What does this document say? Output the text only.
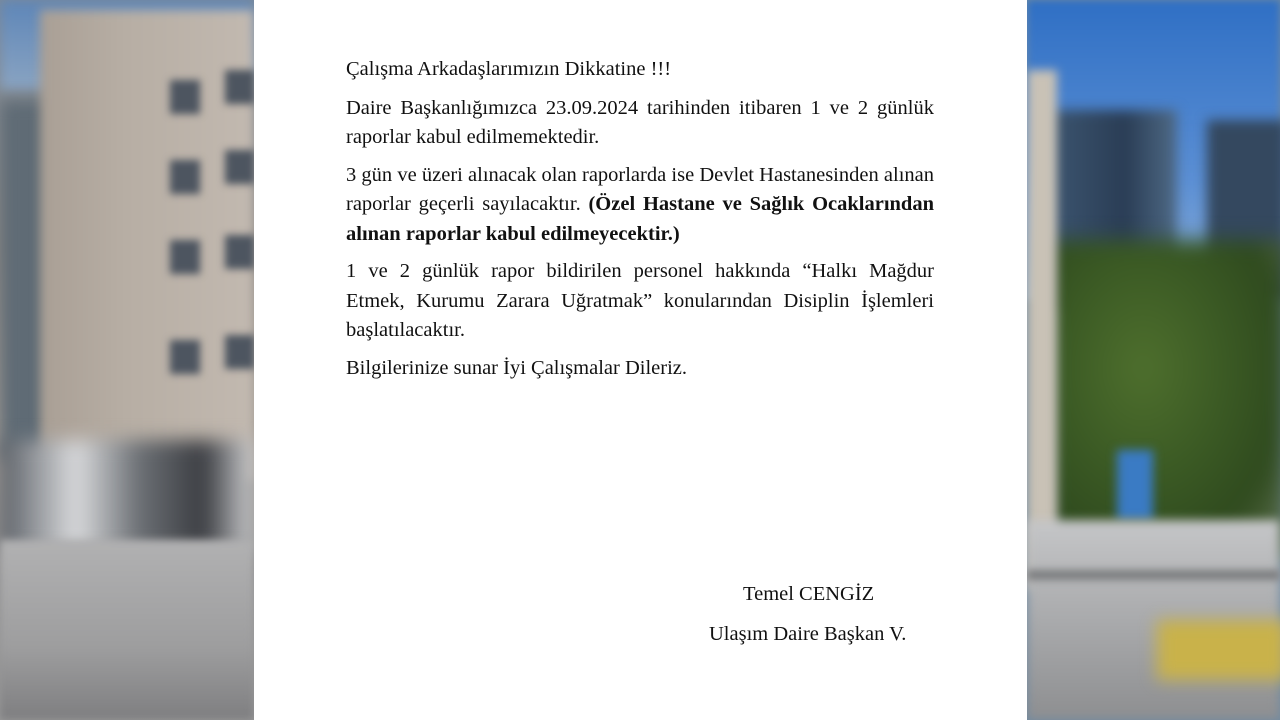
Çalışma Arkadaşlarımızın Dikkatine !!!

Daire Başkanlığımızca 23.09.2024 tarihinden itibaren 1 ve 2 günlük raporlar kabul edilmemektedir.

3 gün ve üzeri alınacak olan raporlarda ise Devlet Hastanesinden alınan raporlar geçerli sayılacaktır. (Özel Hastane ve Sağlık Ocaklarından alınan raporlar kabul edilmeyecektir.)

1 ve 2 günlük rapor bildirilen personel hakkında “Halkı Mağdur Etmek, Kurumu Zarara Uğratmak” konularından Disiplin İşlemleri başlatılacaktır.

Bilgilerinize sunar İyi Çalışmalar Dileriz.

Temel CENGİZ
Ulaşım Daire Başkan V.
